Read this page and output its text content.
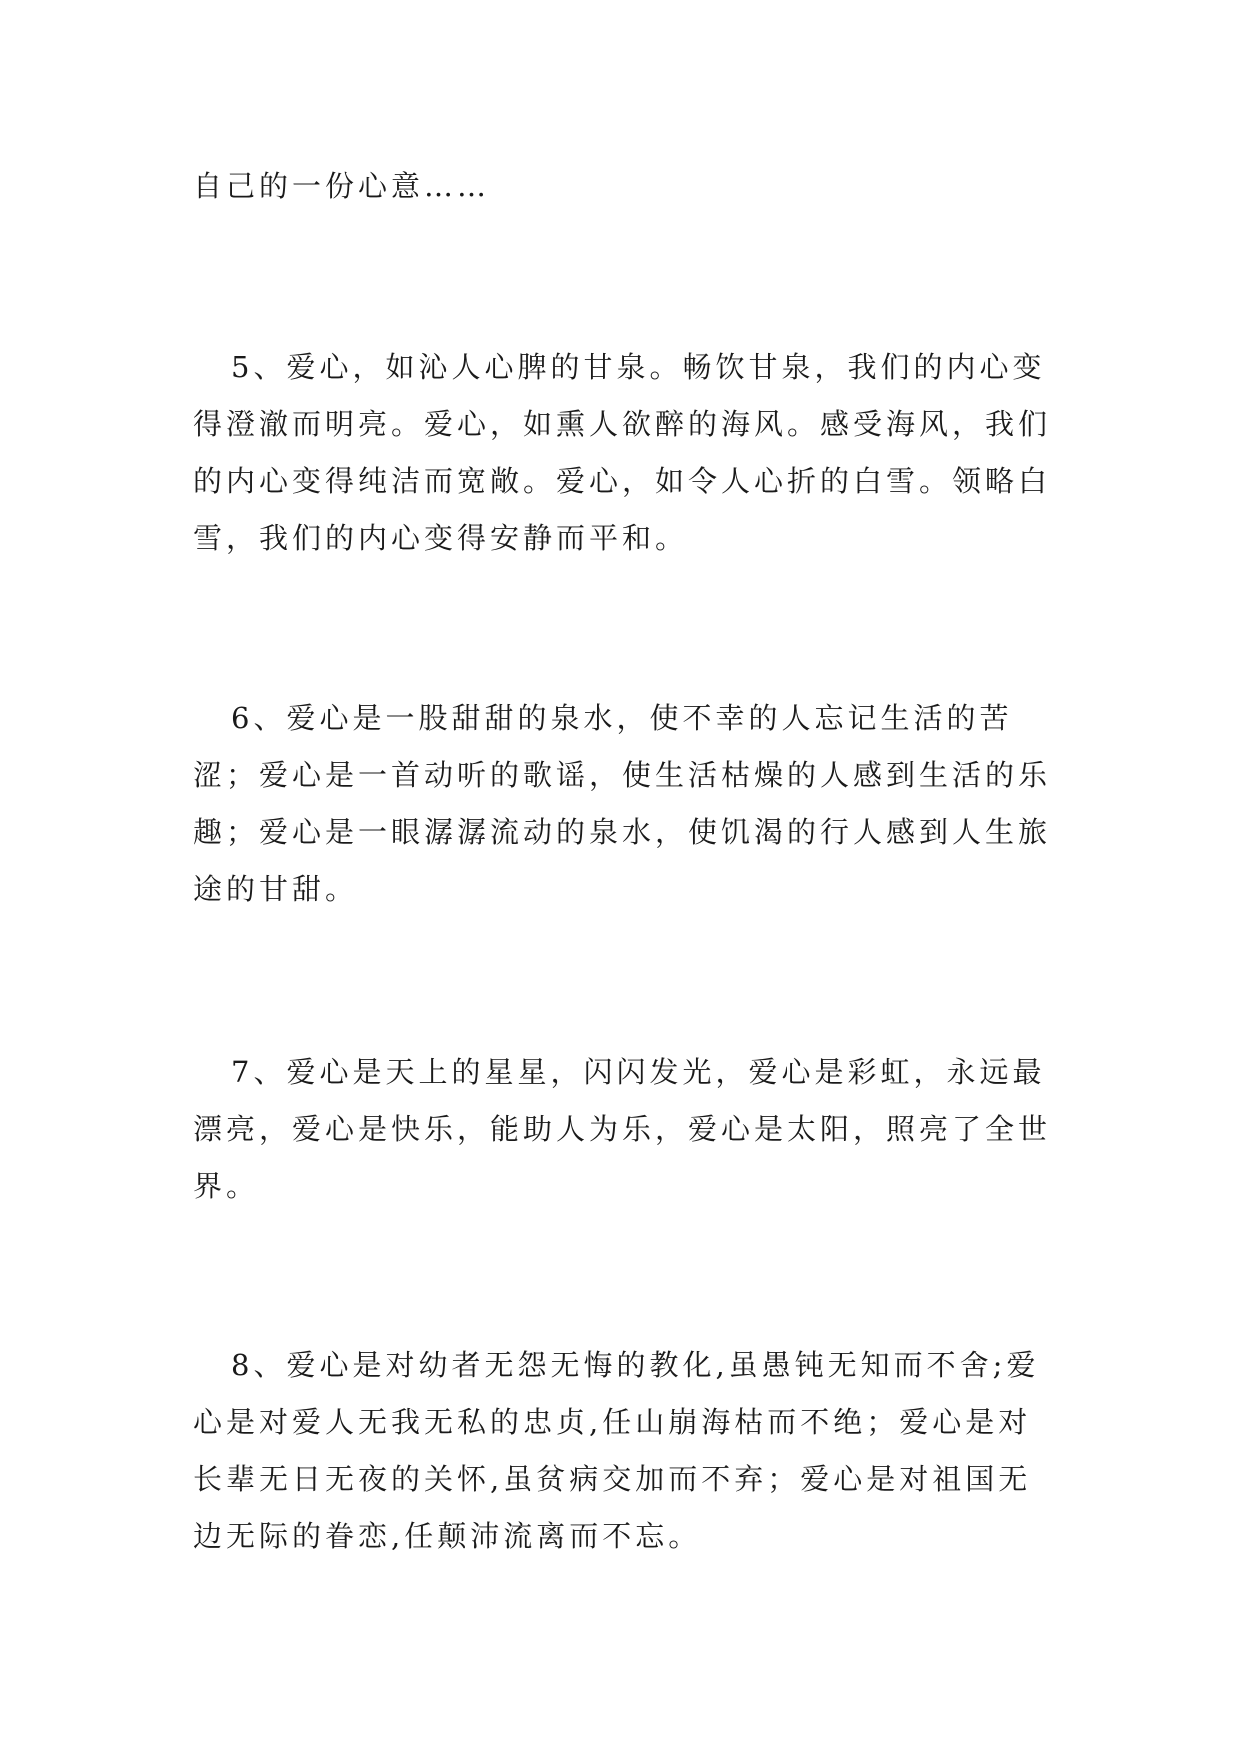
自己的一份心意……

5、爱心，如沁人心脾的甘泉。畅饮甘泉，我们的内心变得澄澈而明亮。爱心，如熏人欲醉的海风。感受海风，我们的内心变得纯洁而宽敞。爱心，如令人心折的白雪。领略白雪，我们的内心变得安静而平和。

6、爱心是一股甜甜的泉水，使不幸的人忘记生活的苦涩；爱心是一首动听的歌谣，使生活枯燥的人感到生活的乐趣；爱心是一眼潺潺流动的泉水，使饥渴的行人感到人生旅途的甘甜。

7、爱心是天上的星星，闪闪发光，爱心是彩虹，永远最漂亮，爱心是快乐，能助人为乐，爱心是太阳，照亮了全世界。

8、爱心是对幼者无怨无悔的教化,虽愚钝无知而不舍;爱心是对爱人无我无私的忠贞,任山崩海枯而不绝；爱心是对长辈无日无夜的关怀,虽贫病交加而不弃；爱心是对祖国无边无际的眷恋,任颠沛流离而不忘。
